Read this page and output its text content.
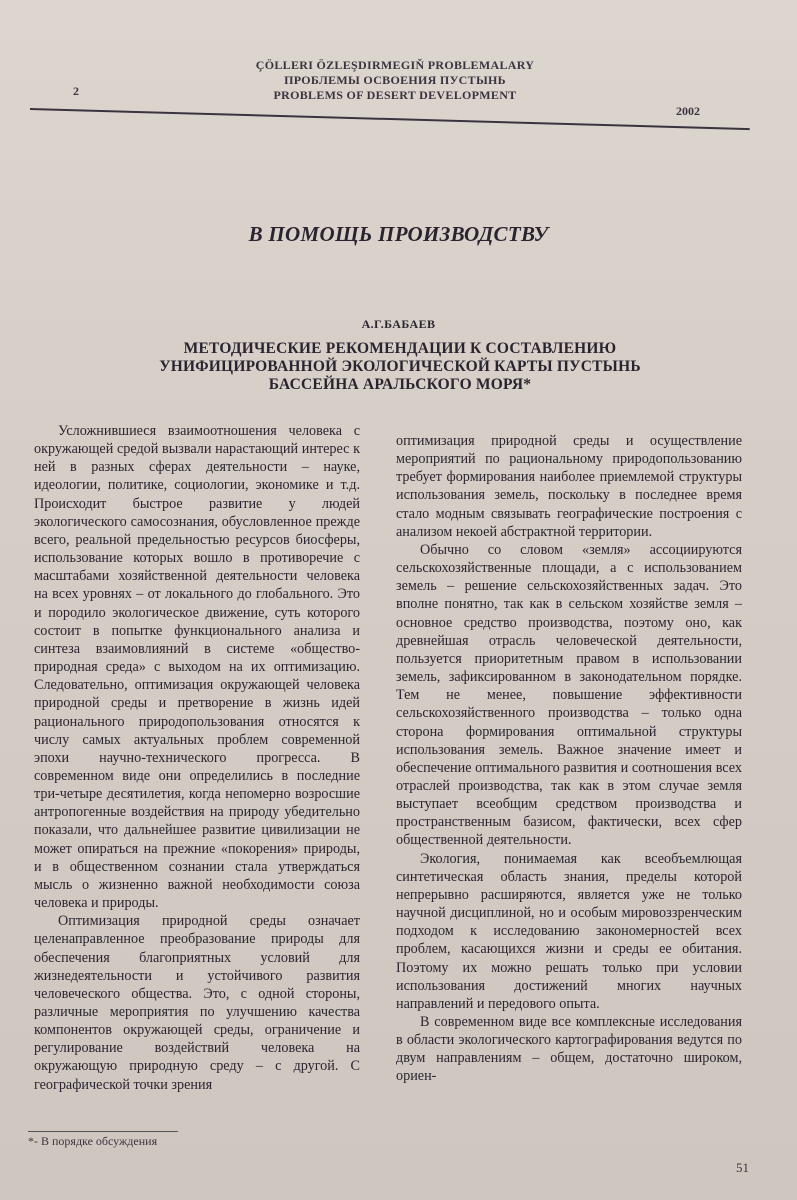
2
ÇÖLLERI ÖZLEŞDIRMEGIŇ PROBLEMALARY
ПРОБЛЕМЫ ОСВОЕНИЯ ПУСТЫНЬ
PROBLEMS OF DESERT DEVELOPMENT
2002
В ПОМОЩЬ ПРОИЗВОДСТВУ
А.Г.БАБАЕВ
МЕТОДИЧЕСКИЕ РЕКОМЕНДАЦИИ К СОСТАВЛЕНИЮ
УНИФИЦИРОВАННОЙ ЭКОЛОГИЧЕСКОЙ КАРТЫ ПУСТЫНЬ
БАССЕЙНА АРАЛЬСКОГО МОРЯ*

Усложнившиеся взаимоотношения человека с окружающей средой вызвали нарастающий интерес к ней в разных сферах деятельности – науке, идеологии, политике, социологии, экономике и т.д. Происходит быстрое развитие у людей экологического самосознания, обусловленное прежде всего, реальной предельностью ресурсов биосферы, использование которых вошло в противоречие с масштабами хозяйственной деятельности человека на всех уровнях – от локального до глобального. Это и породило экологическое движение, суть которого состоит в попытке функционального анализа и синтеза взаимовлияний в системе «общество-природная среда» с выходом на их оптимизацию. Следовательно, оптимизация окружающей человека природной среды и претворение в жизнь идей рационального природопользования относятся к числу самых актуальных проблем современной эпохи научно-технического прогресса. В современном виде они определились в последние три-четыре десятилетия, когда непомерно возросшие антропогенные воздействия на природу убедительно показали, что дальнейшее развитие цивилизации не может опираться на прежние «покорения» природы, и в общественном сознании стала утверждаться мысль о жизненно важной необходимости союза человека и природы.

Оптимизация природной среды означает целенаправленное преобразование природы для обеспечения благоприятных условий для жизнедеятельности и устойчивого развития человеческого общества. Это, с одной стороны, различные мероприятия по улучшению качества компонентов окружающей среды, ограничение и регулирование воздействий человека на окружающую природную среду – с другой. С географической точки зрения

оптимизация природной среды и осуществление мероприятий по рациональному природопользованию требует формирования наиболее приемлемой структуры использования земель, поскольку в последнее время стало модным связывать географические построения с анализом некоей абстрактной территории.

Обычно со словом «земля» ассоциируются сельскохозяйственные площади, а с использованием земель – решение сельскохозяйственных задач. Это вполне понятно, так как в сельском хозяйстве земля – основное средство производства, поэтому оно, как древнейшая отрасль человеческой деятельности, пользуется приоритетным правом в использовании земель, зафиксированном в законодательном порядке. Тем не менее, повышение эффективности сельскохозяйственного производства – только одна сторона формирования оптимальной структуры использования земель. Важное значение имеет и обеспечение оптимального развития и соотношения всех отраслей производства, так как в этом случае земля выступает всеобщим средством производства и пространственным базисом, фактически, всех сфер общественной деятельности.

Экология, понимаемая как всеобъемлющая синтетическая область знания, пределы которой непрерывно расширяются, является уже не только научной дисциплиной, но и особым мировоззренческим подходом к исследованию закономерностей всех проблем, касающихся жизни и среды ее обитания. Поэтому их можно решать только при условии использования достижений многих научных направлений и передового опыта.

В современном виде все комплексные исследования в области экологического картографирования ведутся по двум направлениям – общем, достаточно широком, ориен-

*- В порядке обсуждения
51
